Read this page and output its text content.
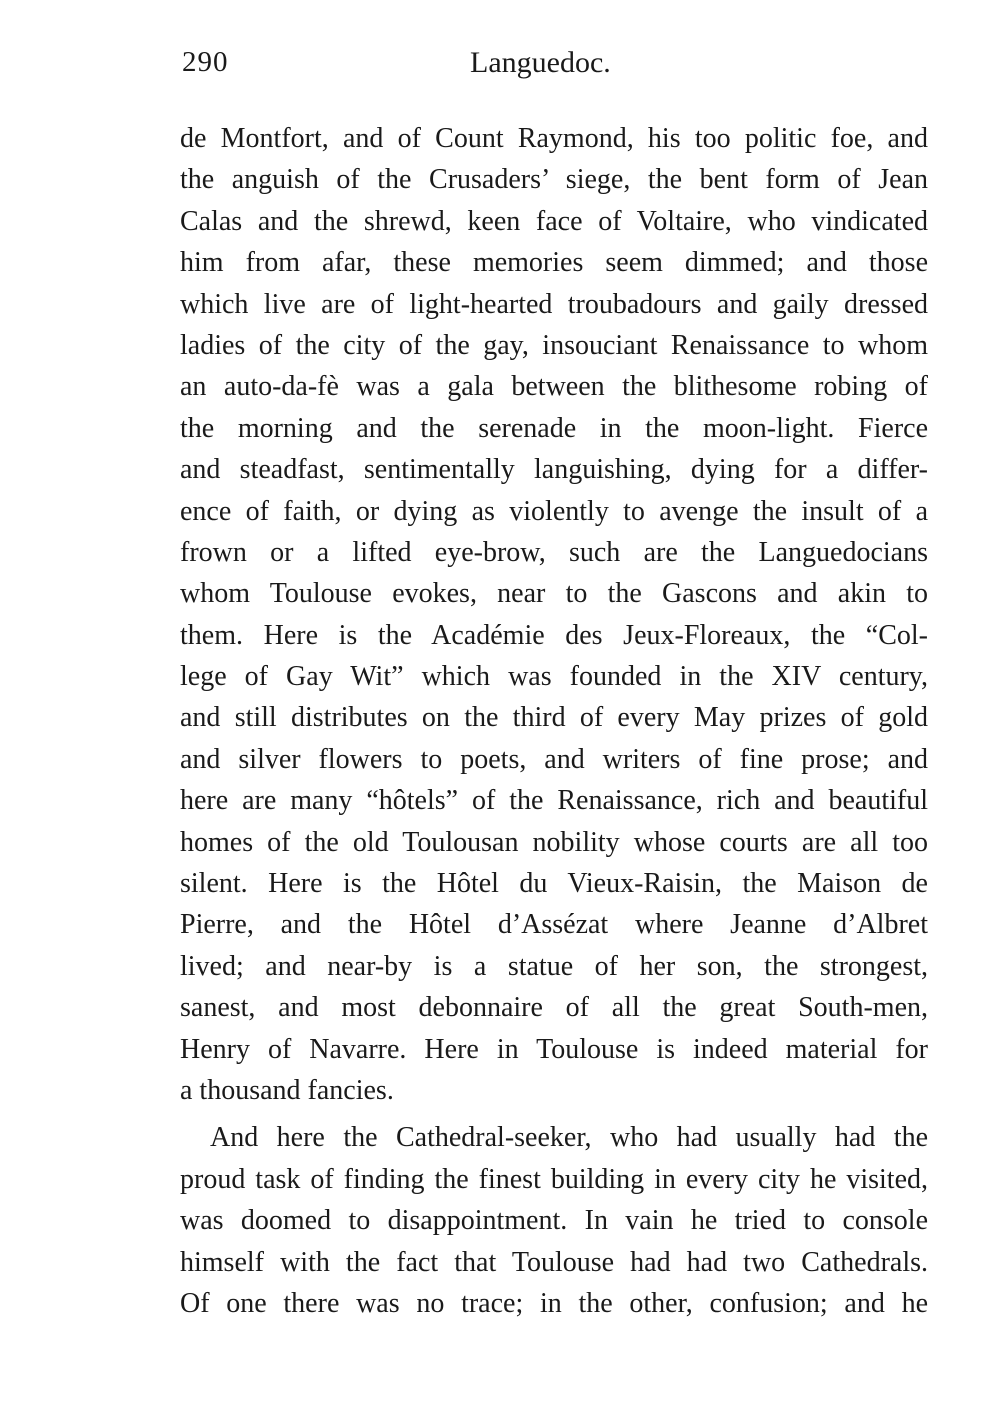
290	Languedoc.
de Montfort, and of Count Raymond, his too politic foe, and
the anguish of the Crusaders’ siege, the bent form of Jean
Calas and the shrewd, keen face of Voltaire, who vindicated
him from afar, these memories seem dimmed; and those
which live are of light-hearted troubadours and gaily dressed
ladies of the city of the gay, insouciant Renaissance to whom
an auto-da-fè was a gala between the blithesome robing of
the morning and the serenade in the moon-light. Fierce
and steadfast, sentimentally languishing, dying for a differ-
ence of faith, or dying as violently to avenge the insult of a
frown or a lifted eye-brow, such are the Languedocians
whom Toulouse evokes, near to the Gascons and akin to
them. Here is the Académie des Jeux-Floreaux, the “Col-
lege of Gay Wit” which was founded in the XIV century,
and still distributes on the third of every May prizes of gold
and silver flowers to poets, and writers of fine prose; and
here are many “hôtels” of the Renaissance, rich and beautiful
homes of the old Toulousan nobility whose courts are all too
silent. Here is the Hôtel du Vieux-Raisin, the Maison de
Pierre, and the Hôtel d’Assézat where Jeanne d’Albret
lived; and near-by is a statue of her son, the strongest,
sanest, and most debonnaire of all the great South-men,
Henry of Navarre. Here in Toulouse is indeed material for
a thousand fancies.
And here the Cathedral-seeker, who had usually had the
proud task of finding the finest building in every city he visited,
was doomed to disappointment. In vain he tried to console
himself with the fact that Toulouse had had two Cathedrals.
Of one there was no trace; in the other, confusion; and he
